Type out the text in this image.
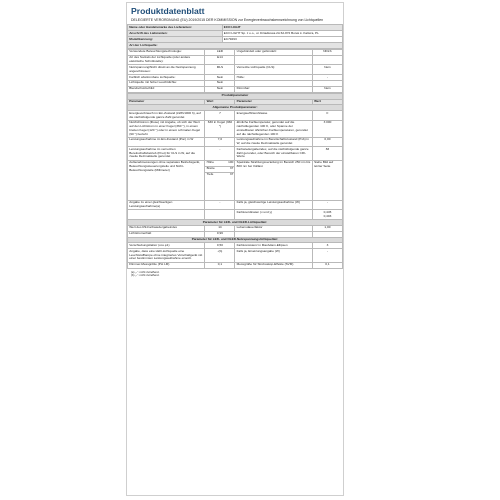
Produktdatenblatt
DELEGIERTE VERORDNUNG (EU) 2019/2015 DER KOMMISSION zur Energieverbrauchskennzeichnung von Lichtquellen
Name oder Handelsmarke des Lieferanten:	ECO LIGHT
Anschrift des Lieferanten:	ECO LIGHT Sp. z o.o., ul. Dziadkowa 2A 62-872 Borek k. Kalisza, PL
Modellkennung:	EC79293
Art der Lichtquelle:	
Verwendete Beleuchtungstechnologie:	LED	Ungebündelt oder gebündelt:	NDLS
Art des Sockels der Lichtquelle (oder andere elektrische Schnittstelle):	E14		
Netzspannung/Nicht direkt an die Netzspannung angeschlossen:	MLS	Vernetzte Lichtquelle (CLS):	Nein
Farblich abstimmbare Lichtquelle:	Nein	Hülle:	-
Lichtquelle mit hoher Leuchtdichte:	Nein		
Blendschutzschild:	Nein	Dimmbar:	Nein
Produktparameter			
Parameter	Wert	Parameter	Wert
Allgemeine Produktparameter:			
Energieverbrauch im Ein-Zustand (kWh/1000 h), auf die nächstfolgende ganze Zahl gerundet	7	Energieeffizienzklasse	F
Nutzlichtstrom (Φuse) mit Angabe, ob sich der Wert auf den Lichtstrom in einer Kugel (360 °), in einem breiten Kegel (120 °) oder in einem schmalen Kegel (90 °) bezieht	630 in Kugel (360 °)	ähnliche Farbtemperatur, gerundet auf die nächstliegenden 100 K, oder Spanne der einstellbaren ähnlichen Farbtemperaturen, gerundet auf die nächstliegenden 100 K	3 000
Leistungsaufnahme im Ein-Zustand (Pon) in W	7,0	Leistungsaufnahme im Bereitschaftszustand (Psb) in W, auf die zweite Dezimalstelle gerundet	0,00
Leistungsaufnahme im vernetzten Bereitschaftsbetrieb (Pnet) für CLS in W, auf die zweite Dezimalstelle gerundet	-	Farbwiedergabeindex, auf die nächstfolgende ganze Zahl gerundet, oder Bereich der einstellbaren CRI-Werte	83
Außenabmessungen ohne separates Betriebsgerät, Beleuchtungssteuerungsteile und Nicht-Beleuchtungsteile (Millimeter)	Höhe 100	Spektrale Strahlungsverteilung im Bereich 250 nm bis 800 nm bei Volllast	Siehe Bild auf letzter Seite
	Breite 37		

	Tiefe 37		

Angabe zu einer gleichwertigen Leistungsaufnahme(a)	-	Falls ja, gleichwertige Leistungsaufnahme (W)	-
		Farbkoordinaten (x und y)	0,445
0,403
Parameter für LED- und OLED-Lichtquellen:			
Wert des R9-Farbwiedergabeindex	14	Lebensdauerfaktor	1,00
Lichtstromerhalt	0,96		
Parameter für LED- und OLED-Netzspannungslichtquellen:			
Verschiebungsfaktor (cos φ1)	0,50	Farbkonsistenz in MacAdam-Ellipsen	3
Angabe, dass eine LED-Lichtquelle eine Leuchtstofflampe ohne integriertes Vorschaltgerät mit einer bestimmten Leistungsaufnahme ersetzt.	-(b)	Falls ja, Ersetzungsangabe (W)	-
Flimmer-Messgröße (Pst LM)	0,1	Messgröße für Stroboskop-Effekte (SVM)	0,1
(a) „-“: nicht zutreffend.
(b) „-“: nicht zutreffend.
